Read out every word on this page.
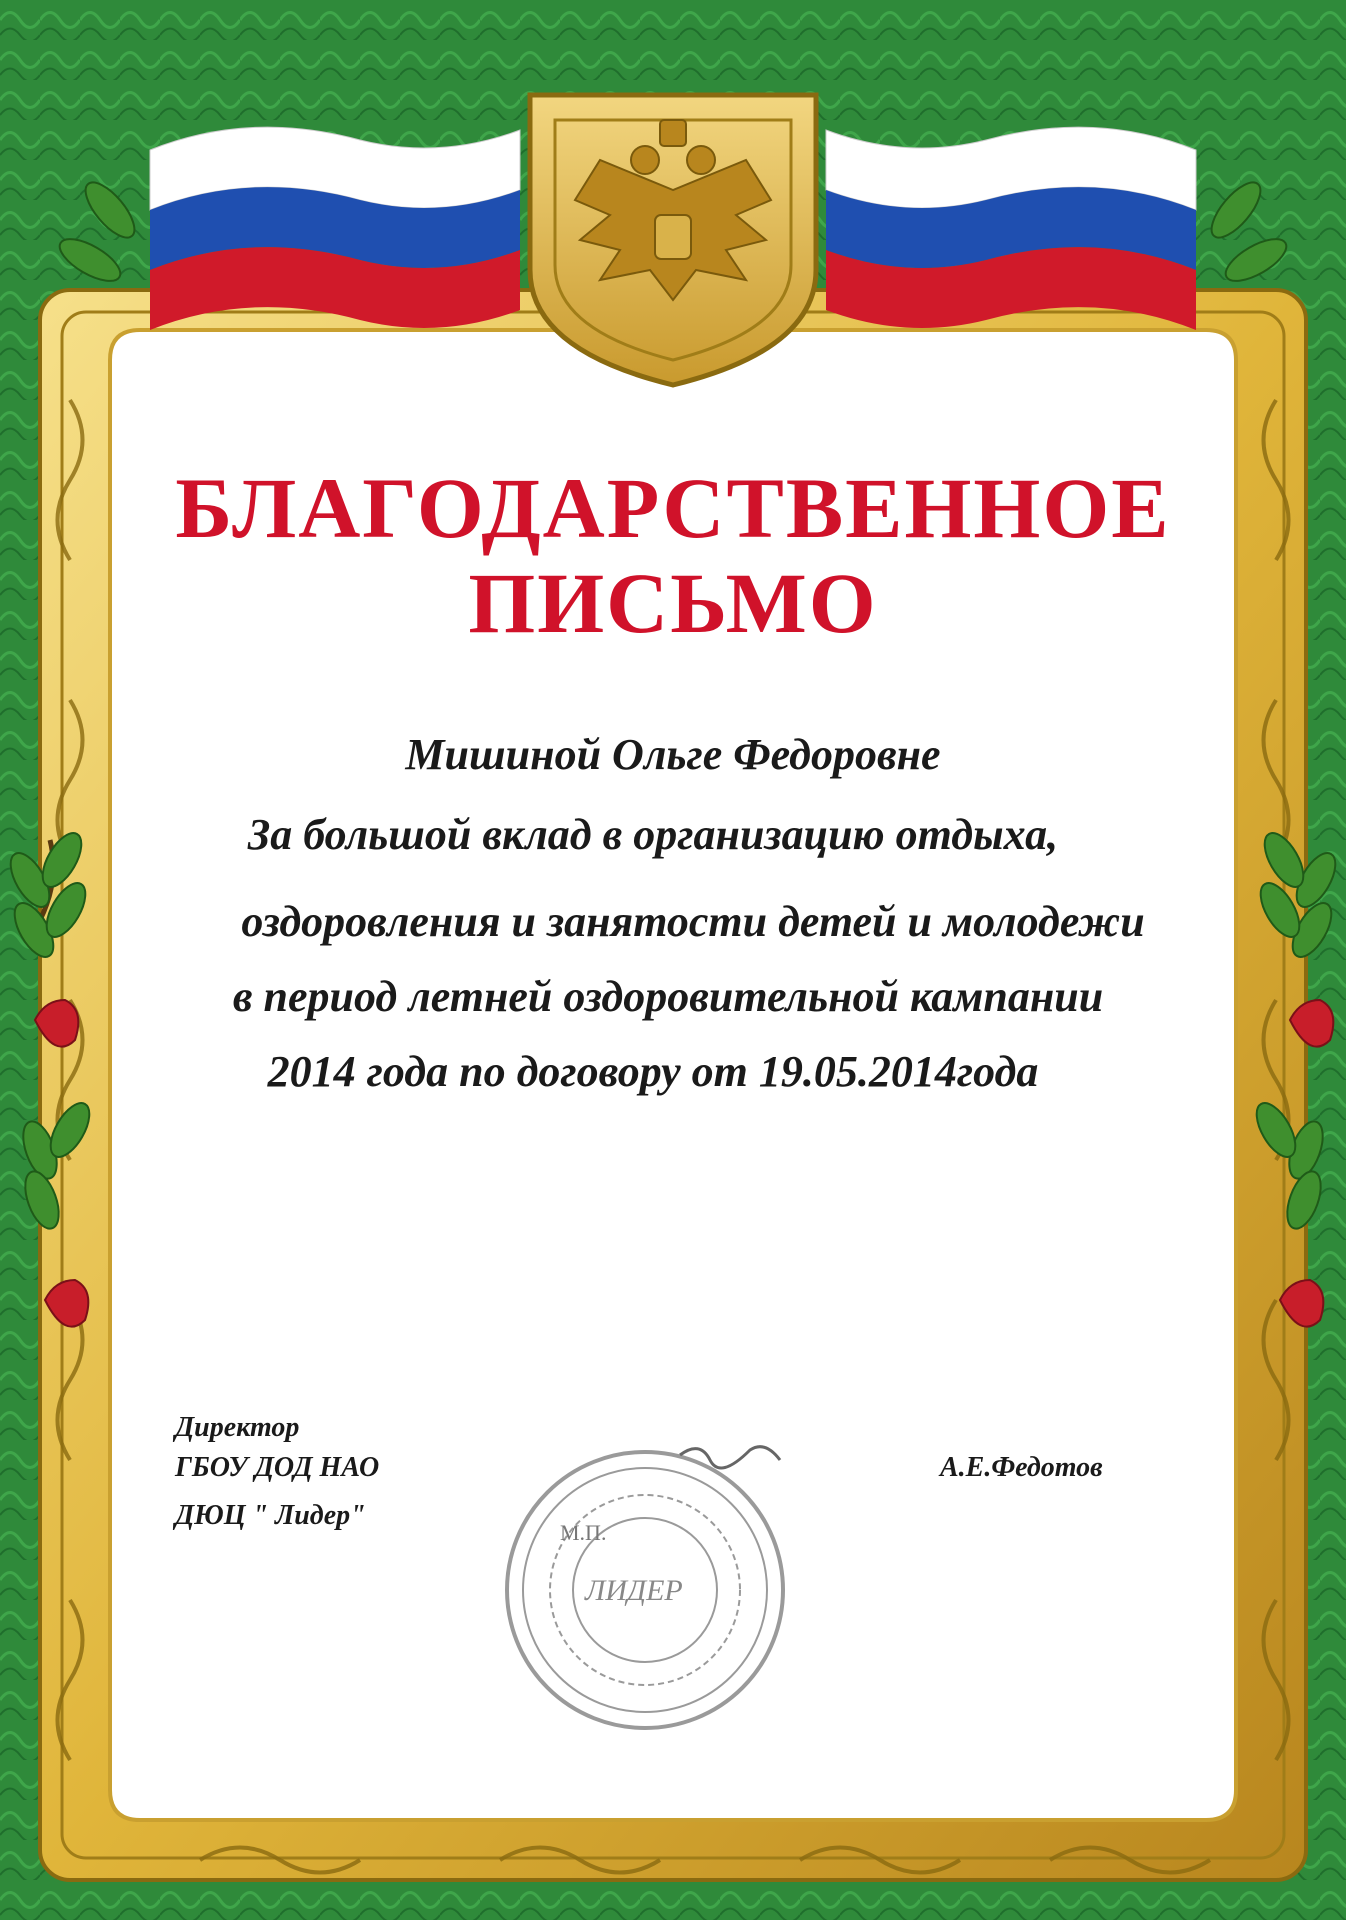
БЛАГОДАРСТВЕННОЕ
ПИСЬМО
Мишиной Ольге Федоровне
За большой вклад в организацию отдыха,
оздоровления и занятости детей и молодежи
в период летней оздоровительной кампании
2014 года по договору от 19.05.2014года
Директор
ГБОУ ДОД НАО
ДЮЦ " Лидер"
А.Е.Федотов
М.П.
ЛИДЕР
